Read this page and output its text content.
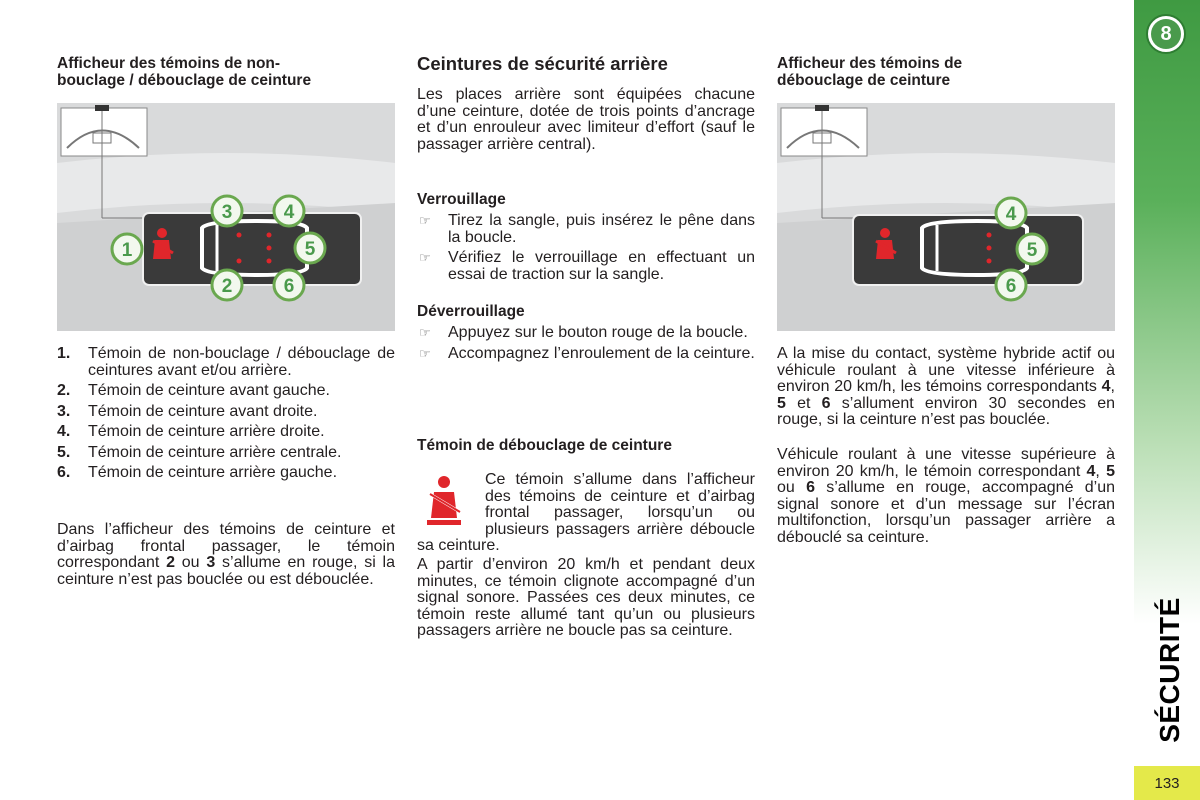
Afficheur des témoins de non-
bouclage / débouclage de ceinture
1
2
3	4
5
6
1. Témoin de non-bouclage / débouclage de ceintures avant et/ou arrière.
2. Témoin de ceinture avant gauche.
3. Témoin de ceinture avant droite.
4. Témoin de ceinture arrière droite.
5. Témoin de ceinture arrière centrale.
6. Témoin de ceinture arrière gauche.

Dans l’afficheur des témoins de ceinture et d’airbag frontal passager, le témoin correspondant 2 ou 3 s’allume en rouge, si la ceinture n’est pas bouclée ou est débouclée.

Ceintures de sécurité arrière

Les places arrière sont équipées chacune d’une ceinture, dotée de trois points d’ancrage et d’un enrouleur avec limiteur d’effort (sauf le passager arrière central).

Verrouillage
☞ Tirez la sangle, puis insérez le pêne dans la boucle.
☞ Vérifiez le verrouillage en effectuant un essai de traction sur la sangle.
Déverrouillage
☞ Appuyez sur le bouton rouge de la boucle.
☞ Accompagnez l’enroulement de la ceinture.
Témoin de débouclage de ceinture

Ce témoin s’allume dans l’afficheur des témoins de ceinture et d’airbag frontal passager, lorsqu’un ou plusieurs passagers arrière déboucle sa ceinture.

A partir d’environ 20 km/h et pendant deux minutes, ce témoin clignote accompagné d’un signal sonore. Passées ces deux minutes, ce témoin reste allumé tant qu’un ou plusieurs passagers arrière ne boucle pas sa ceinture.

Afficheur des témoins de
débouclage de ceinture
4
5
6

A la mise du contact, système hybride actif ou véhicule roulant à une vitesse inférieure à environ 20 km/h, les témoins correspondants 4, 5 et 6 s’allument environ 30 secondes en rouge, si la ceinture n’est pas bouclée.

Véhicule roulant à une vitesse supérieure à environ 20 km/h, le témoin correspondant 4, 5 ou 6 s’allume en rouge, accompagné d’un signal sonore et d’un message sur l’écran multifonction, lorsqu’un passager arrière a débouclé sa ceinture.

8
SÉCURITÉ
133
